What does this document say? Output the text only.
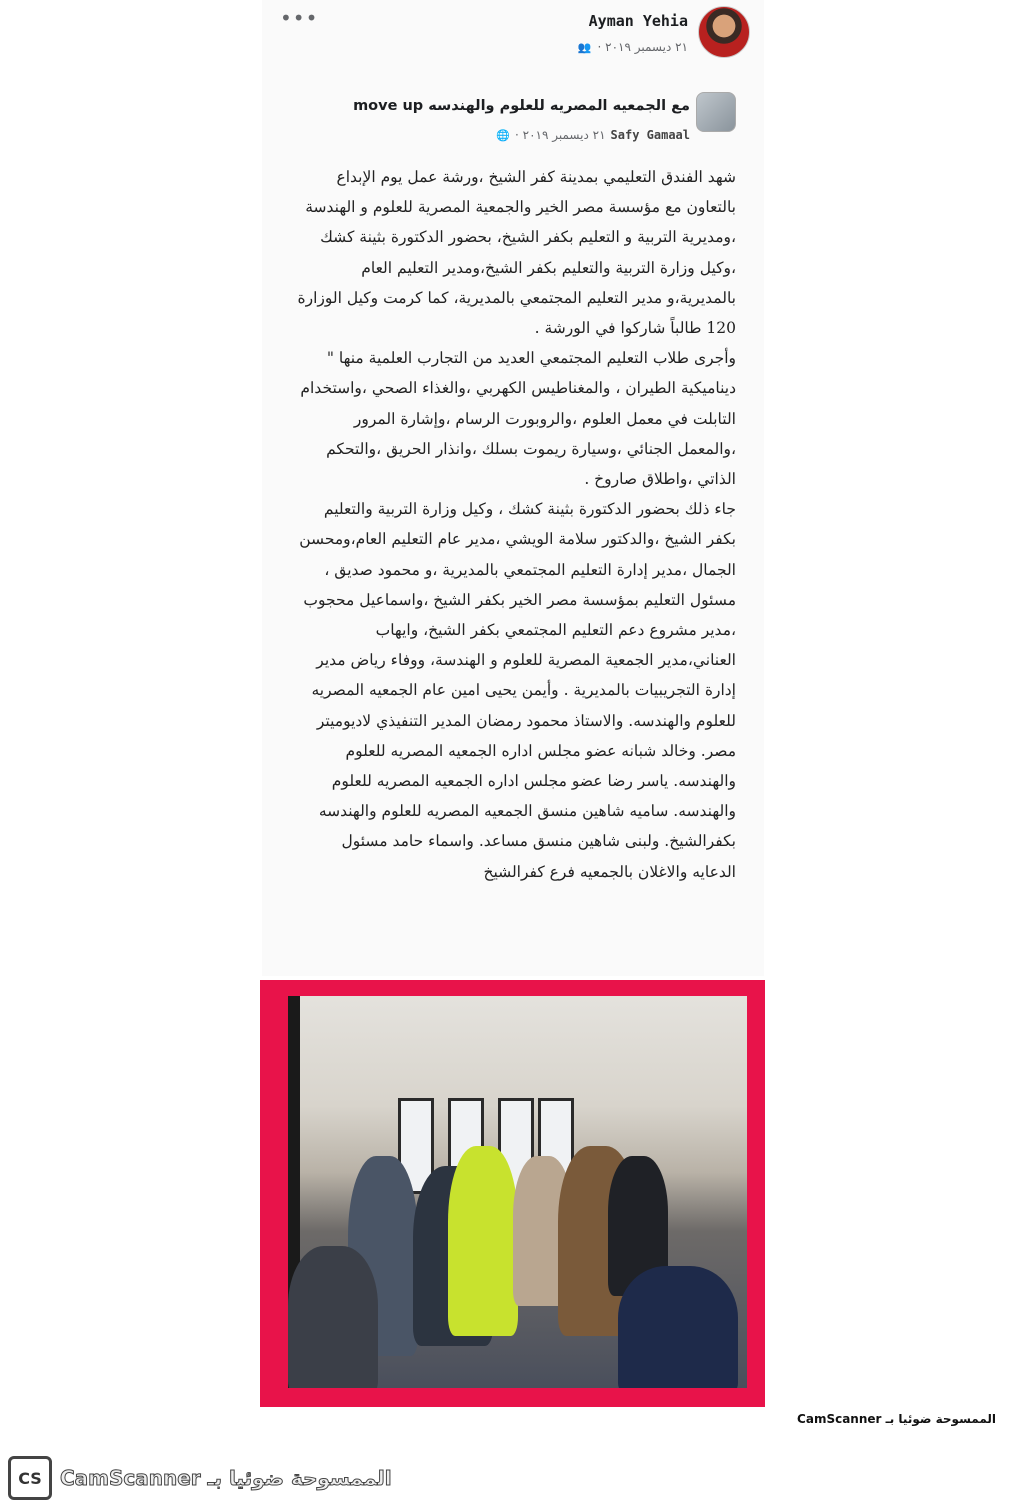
•••	Ayman Yehia
٢١ ديسمبر ٢٠١٩ ·
👥
مع الجمعيه المصريه للعلوم والهندسه move up
Safy Gamaal
٢١ ديسمبر ٢٠١٩ ·
🌐

شهد الفندق التعليمي بمدينة كفر الشيخ ،ورشة عمل يوم الإبداع بالتعاون مع مؤسسة مصر الخير والجمعية المصرية للعلوم و الهندسة ،ومديرية التربية و التعليم بكفر الشيخ، بحضور الدكتورة بثينة كشك ،وكيل وزارة التربية والتعليم بكفر الشيخ،ومدير التعليم العام بالمديرية،و مدير التعليم المجتمعي بالمديرية، كما كرمت وكيل الوزارة 120 طالباً شاركوا في الورشة .

وأجرى طلاب التعليم المجتمعي العديد من التجارب العلمية منها " ديناميكية الطيران ، والمغناطيس الكهربي ،والغذاء الصحي ،واستخدام التابلت في معمل العلوم ،والروبورت الرسام ،وإشارة المرور ،والمعمل الجنائي ،وسيارة ريموت بسلك ،وانذار الحريق ،والتحكم الذاتي ،واطلاق صاروخ .

جاء ذلك بحضور الدكتورة بثينة كشك ، وكيل وزارة التربية والتعليم بكفر الشيخ ،والدكتور سلامة الويشي ،مدير عام التعليم العام،ومحسن الجمال ،مدير إدارة التعليم المجتمعي بالمديرية ،و محمود صديق ، مسئول التعليم بمؤسسة مصر الخير بكفر الشيخ ،واسماعيل محجوب ،مدير مشروع دعم التعليم المجتمعي بكفر الشيخ، وايهاب العناني،مدير الجمعية المصرية للعلوم و الهندسة، ووفاء رياض مدير إدارة التجريبيات بالمديرية . وأيمن يحيى امين عام الجمعيه المصريه للعلوم والهندسه. والاستاذ محمود رمضان المدير التنفيذي لاديوميتر مصر. وخالد شبانه عضو مجلس اداره الجمعيه المصريه للعلوم والهندسه. ياسر رضا عضو مجلس اداره الجمعيه المصريه للعلوم والهندسه. ساميه شاهين منسق الجمعيه المصريه للعلوم والهندسه بكفرالشيخ. ولبنى شاهين منسق مساعد. واسماء حامد مسئول الدعايه والاغلان بالجمعيه فرع كفرالشيخ

الممسوحة ضوئيا بـ CamScanner
CS الممسوحة ضوئيا بـ CamScanner
